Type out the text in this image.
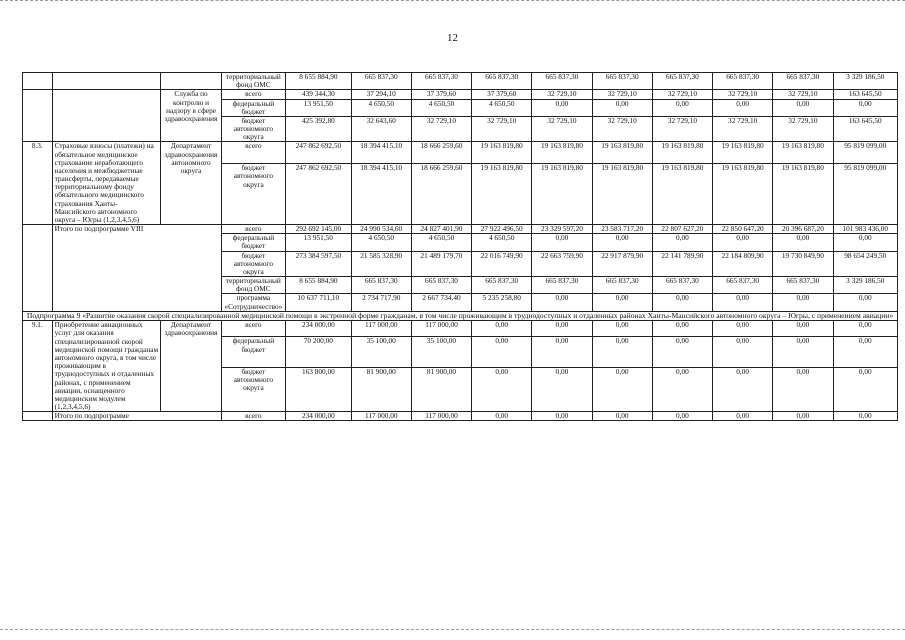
12
			территориальный фонд ОМС	8 655 884,90	665 837,30	665 837,30	665 837,30	665 837,30	665 837,30	665 837,30	665 837,30	665 837,30	3 329 186,50
		Служба по контролю и надзору в сфере здравоохранения	всего	439 344,30	37 294,10	37 379,60	37 379,60	32 729,10	32 729,10	32 729,10	32 729,10	32 729,10	163 645,50
			федеральный бюджет	13 951,50	4 650,50	4 650,50	4 650,50	0,00	0,00	0,00	0,00	0,00	0,00
			бюджет автономного округа	425 392,80	32 643,60	32 729,10	32 729,10	32 729,10	32 729,10	32 729,10	32 729,10	32 729,10	163 645,50
8.3.	Страховые взносы (платежи) на обязательное медицинское страхование неработающего населения и межбюджетные трансферты, передаваемые территориальному фонду обязательного медицинского страхования Ханты-Мансийского автономного округа – Югры (1,2,3,4,5,6)	Департамент здравоохранения автономного округа	всего	247 862 692,50	18 394 415,10	18 666 259,60	19 163 819,80	19 163 819,80	19 163 819,80	19 163 819,80	19 163 819,80	19 163 819,80	95 819 099,00
			бюджет автономного округа	247 862 692,50	18 394 415,10	18 666 259,60	19 163 819,80	19 163 819,80	19 163 819,80	19 163 819,80	19 163 819,80	19 163 819,80	95 819 099,00
	Итого по подпрограмме VIII		всего	292 692 145,00	24 990 534,60	24 827 401,90	27 922 496,50	23 329 597,20	23 583 717,20	22 807 627,20	22 850 647,20	20 396 687,20	101 983 436,00
			федеральный бюджет	13 951,50	4 650,50	4 650,50	4 650,50	0,00	0,00	0,00	0,00	0,00	0,00
			бюджет автономного округа	273 384 597,50	21 585 328,90	21 489 179,70	22 016 749,90	22 663 759,90	22 917 879,90	22 141 789,90	22 184 809,90	19 730 849,90	98 654 249,50
			территориальный фонд ОМС	8 655 884,90	665 837,30	665 837,30	665 837,30	665 837,30	665 837,30	665 837,30	665 837,30	665 837,30	3 329 186,50
			программа «Сотрудничество»	10 637 711,10	2 734 717,90	2 667 734,40	5 235 258,80	0,00	0,00	0,00	0,00	0,00	0,00
Подпрограмма 9 «Развитие оказания скорой специализированной медицинской помощи в экстренной форме гражданам, в том числе проживающим в труднодоступных и отдаленных районах Ханты-Мансийского автономного округа – Югры, с применением авиации»													
9.1.	Приобретение авиационных услуг для оказания специализированной скорой медицинской помощи гражданам автономного округа, в том числе проживающим в труднодоступных и отдаленных районах, с применением авиации, оснащенного медицинским модулем (1,2,3,4,5,6)	Департамент здравоохранения	всего	234 000,00	117 000,00	117 000,00	0,00	0,00	0,00	0,00	0,00	0,00	0,00
			федеральный бюджет	70 200,00	35 100,00	35 100,00	0,00	0,00	0,00	0,00	0,00	0,00	0,00
			бюджет автономного округа	163 800,00	81 900,00	81 900,00	0,00	0,00	0,00	0,00	0,00	0,00	0,00
	Итого по подпрограмме		всего	234 000,00	117 000,00	117 000,00	0,00	0,00	0,00	0,00	0,00	0,00	0,00
